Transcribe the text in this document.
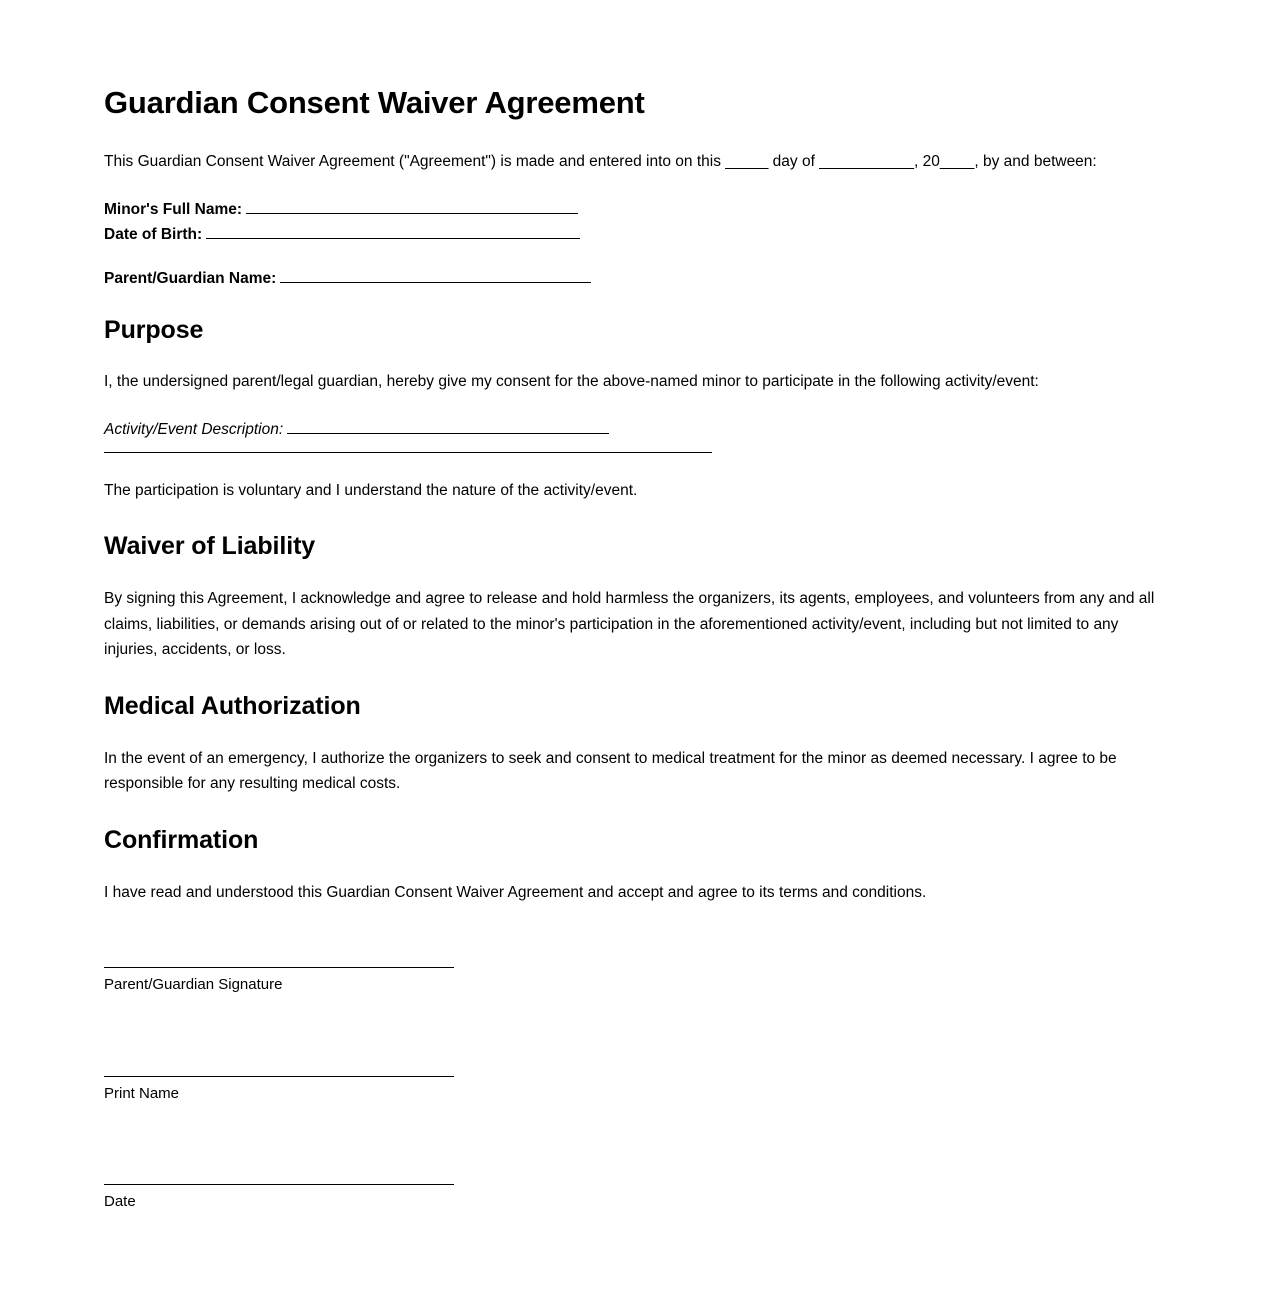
Guardian Consent Waiver Agreement

This Guardian Consent Waiver Agreement ("Agreement") is made and entered into on this _____ day of ___________, 20____, by and between:

Minor's Full Name:
Date of Birth:
Parent/Guardian Name:
Purpose

I, the undersigned parent/legal guardian, hereby give my consent for the above-named minor to participate in the following activity/event:

Activity/Event Description:

The participation is voluntary and I understand the nature of the activity/event.

Waiver of Liability

By signing this Agreement, I acknowledge and agree to release and hold harmless the organizers, its agents, employees, and volunteers from any and all claims, liabilities, or demands arising out of or related to the minor's participation in the aforementioned activity/event, including but not limited to any injuries, accidents, or loss.

Medical Authorization

In the event of an emergency, I authorize the organizers to seek and consent to medical treatment for the minor as deemed necessary. I agree to be responsible for any resulting medical costs.

Confirmation

I have read and understood this Guardian Consent Waiver Agreement and accept and agree to its terms and conditions.

Parent/Guardian Signature
Print Name
Date
